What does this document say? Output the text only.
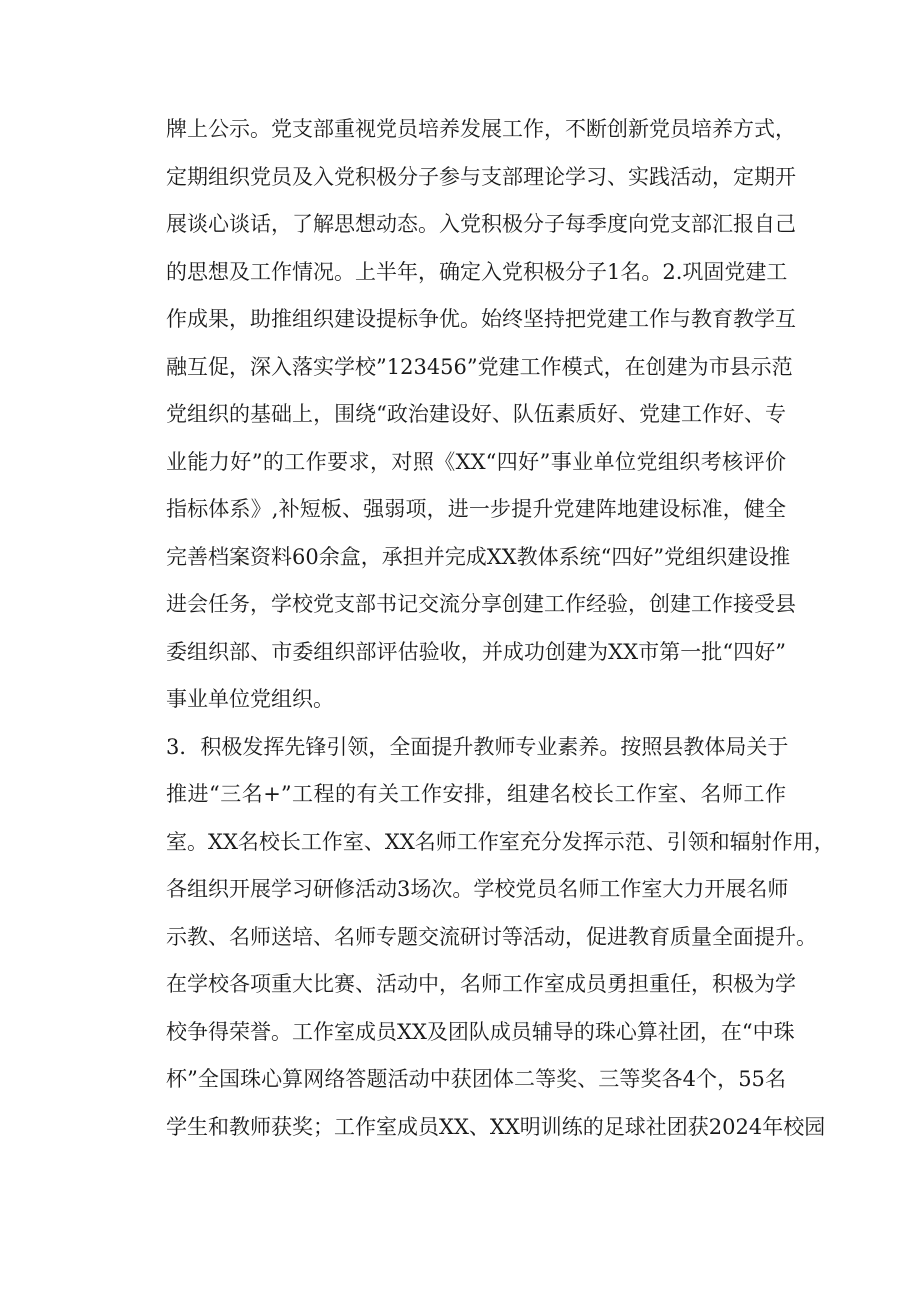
牌上公示。党支部重视党员培养发展工作，不断创新党员培养方式，
定期组织党员及入党积极分子参与支部理论学习、实践活动，定期开
展谈心谈话，了解思想动态。入党积极分子每季度向党支部汇报自己
的思想及工作情况。上半年，确定入党积极分子1名。2.巩固党建工
作成果，助推组织建设提标争优。始终坚持把党建工作与教育教学互
融互促，深入落实学校”123456”党建工作模式，在创建为市县示范
党组织的基础上，围绕“政治建设好、队伍素质好、党建工作好、专
业能力好”的工作要求，对照《XX“四好”事业单位党组织考核评价
指标体系》,补短板、强弱项，进一步提升党建阵地建设标准，健全
完善档案资料60余盒，承担并完成XX教体系统“四好”党组织建设推
进会任务，学校党支部书记交流分享创建工作经验，创建工作接受县
委组织部、市委组织部评估验收，并成功创建为XX市第一批“四好”
事业单位党组织。
3．积极发挥先锋引领，全面提升教师专业素养。按照县教体局关于
推进“三名+”工程的有关工作安排，组建名校长工作室、名师工作
室。XX名校长工作室、XX名师工作室充分发挥示范、引领和辐射作用，
各组织开展学习研修活动3场次。学校党员名师工作室大力开展名师
示教、名师送培、名师专题交流研讨等活动，促进教育质量全面提升。
在学校各项重大比赛、活动中，名师工作室成员勇担重任，积极为学
校争得荣誉。工作室成员XX及团队成员辅导的珠心算社团，在“中珠
杯”全国珠心算网络答题活动中获团体二等奖、三等奖各4个，55名
学生和教师获奖；工作室成员XX、XX明训练的足球社团获2024年校园
